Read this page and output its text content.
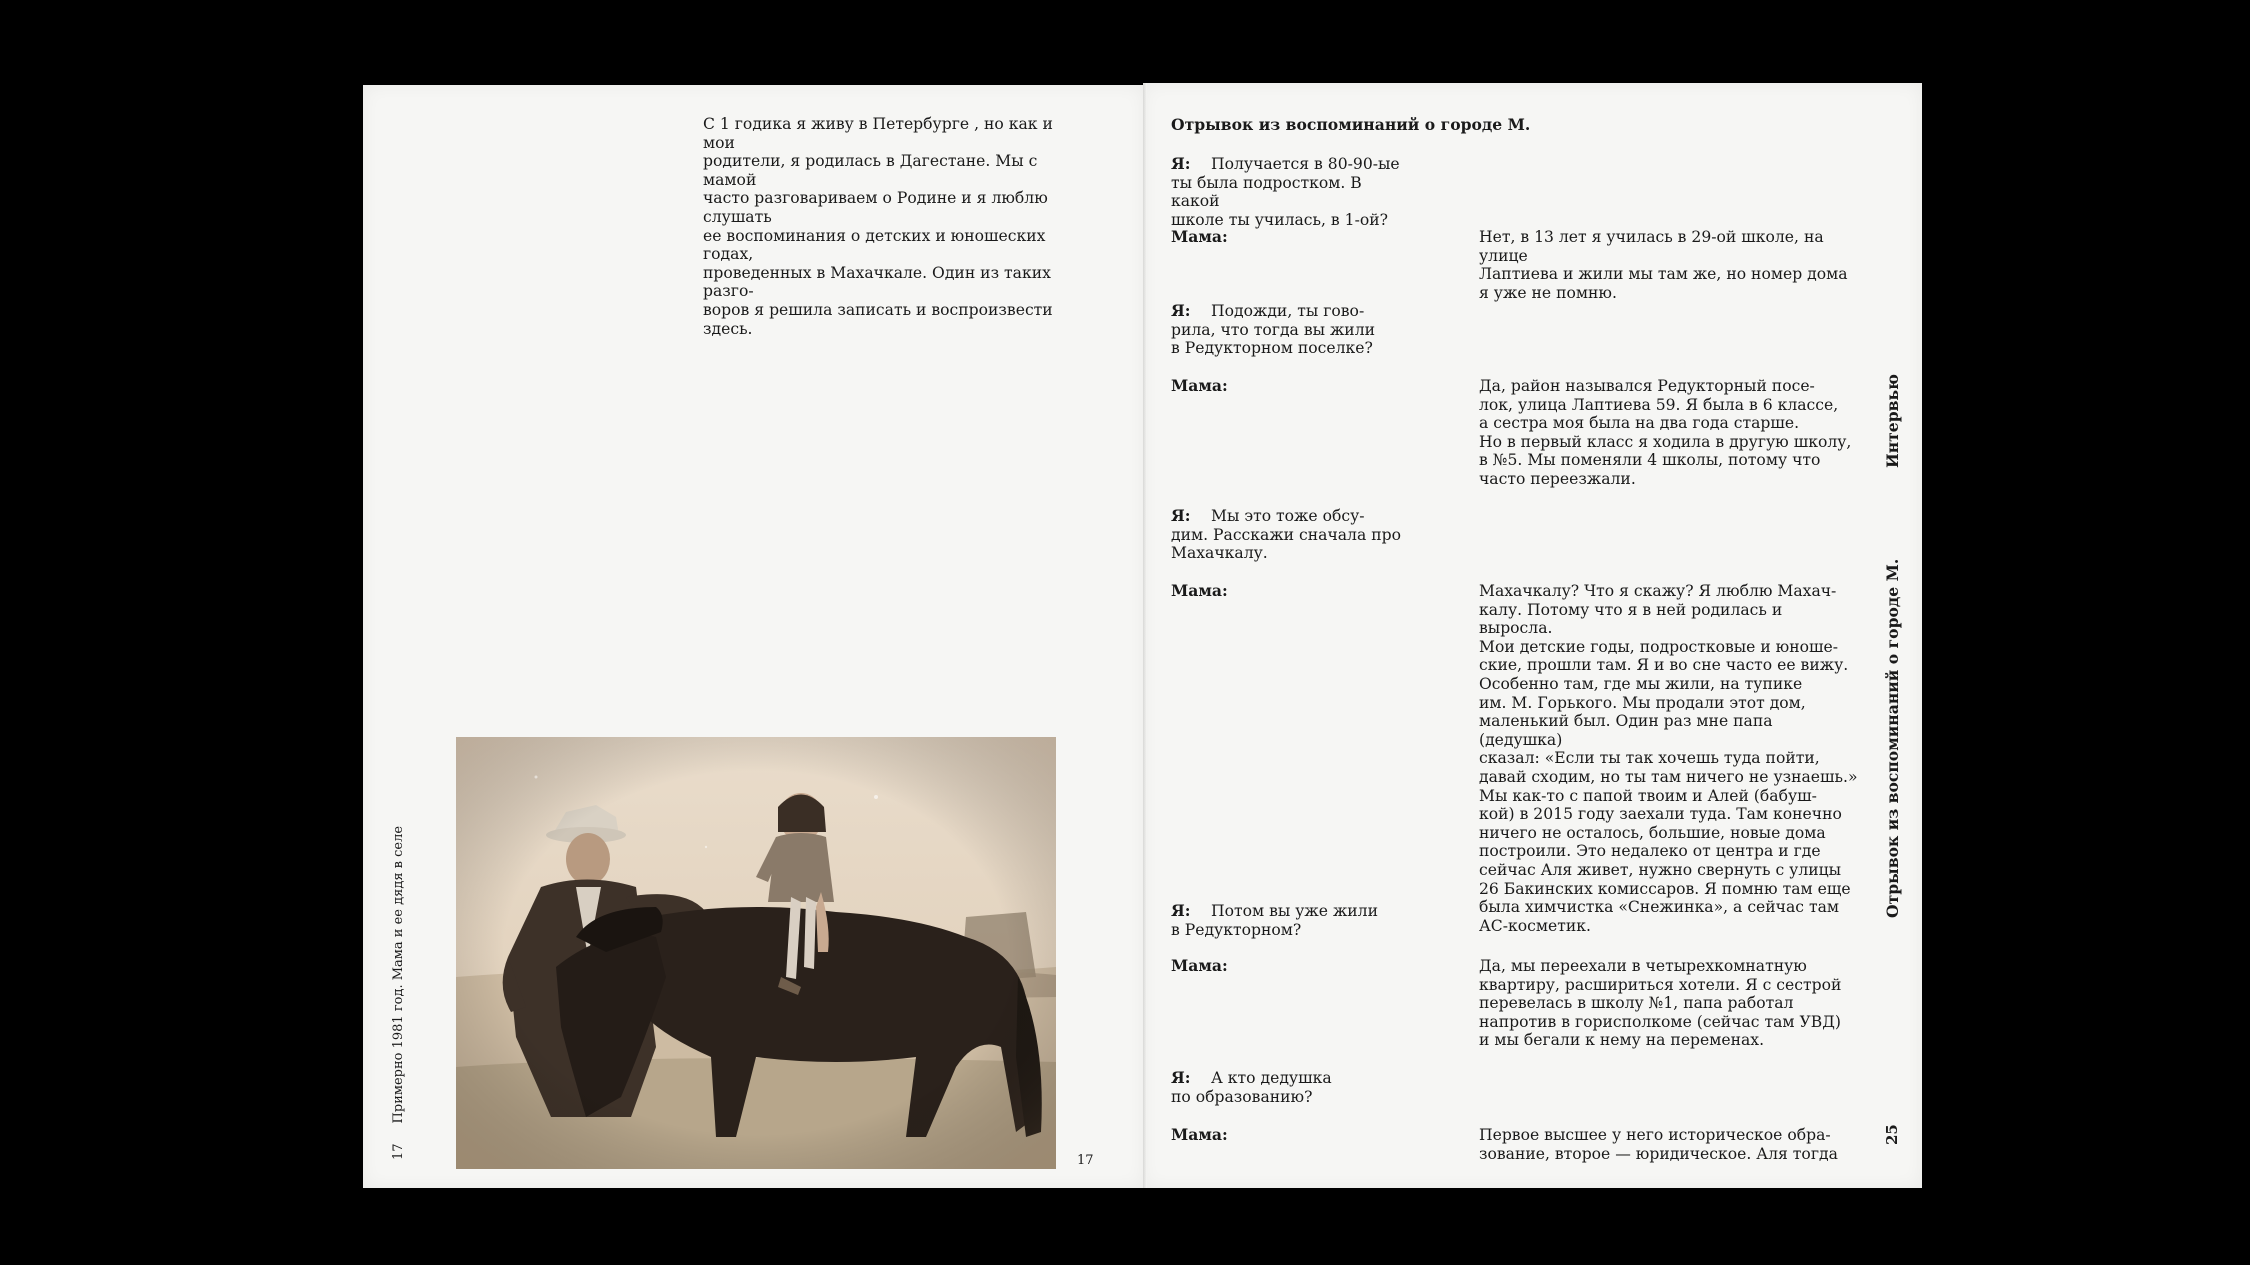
С 1 годика я живу в Петербурге , но как и мои
родители, я родилась в Дагестане. Мы с мамой
часто разговариваем о Родине и я люблю слушать
ее воспоминания о детских и юношеских годах,
проведенных в Махачкале. Один из таких разго-
воров я решила записать и воспроизвести здесь.

17Примерно 1981 год. Мама и ее дядя в селе
17
Отрывок из воспоминаний о городе М.
Я: Получается в 80-90-ые
ты была подростком. В какой
школе ты училась, в 1-ой?
Мама:	Нет, в 13 лет я училась в 29-ой школе, на улице
Лаптиева и жили мы там же, но номер дома
я уже не помню.

Я: Подожди, ты гово-
рила, что тогда вы жили
в Редукторном поселке?
Мама:	Да, район назывался Редукторный посе-
лок, улица Лаптиева 59. Я была в 6 классе,
а сестра моя была на два года старше.
Но в первый класс я ходила в другую школу,
в №5. Мы поменяли 4 школы, потому что
часто переезжали.

Я: Мы это тоже обсу-
дим. Расскажи сначала про
Махачкалу.
Мама:	Махачкалу? Что я скажу? Я люблю Махач-
калу. Потому что я в ней родилась и выросла.
Мои детские годы, подростковые и юноше-
ские, прошли там. Я и во сне часто ее вижу.
Особенно там, где мы жили, на тупике
им. М. Горького. Мы продали этот дом,
маленький был. Один раз мне папа (дедушка)
сказал: «Если ты так хочешь туда пойти,
давай сходим, но ты там ничего не узнаешь.»
Мы как-то с папой твоим и Алей (бабуш-
кой) в 2015 году заехали туда. Там конечно
ничего не осталось, большие, новые дома
построили. Это недалеко от центра и где
сейчас Аля живет, нужно свернуть с улицы
26 Бакинских комиссаров. Я помню там еще
была химчистка «Снежинка», а сейчас там
АС-косметик.

Я: Потом вы уже жили
в Редукторном?
Мама:	Да, мы переехали в четырехкомнатную
квартиру, расшириться хотели. Я с сестрой
перевелась в школу №1, папа работал
напротив в горисполкоме (сейчас там УВД)
и мы бегали к нему на переменах.

Я: А кто дедушка
по образованию?
Мама:	Первое высшее у него историческое обра-
зование, второе — юридическое. Аля тогда

Интервью
Отрывок из воспоминаний о городе М.
25
